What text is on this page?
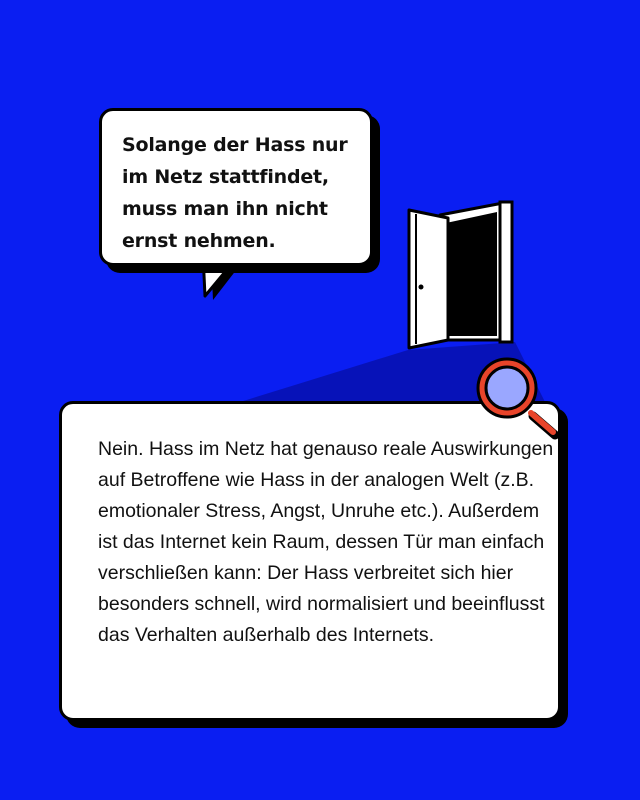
Solange der Hass nur im Netz stattfindet, muss man ihn nicht ernst nehmen.

Nein. Hass im Netz hat genauso reale Auswirkungen auf Betroffene wie Hass in der analogen Welt (z.B. emotionaler Stress, Angst, Unruhe etc.). Außerdem ist das Internet kein Raum, dessen Tür man einfach verschließen kann: Der Hass verbreitet sich hier besonders schnell, wird normalisiert und beeinflusst das Verhalten außerhalb des Internets.
